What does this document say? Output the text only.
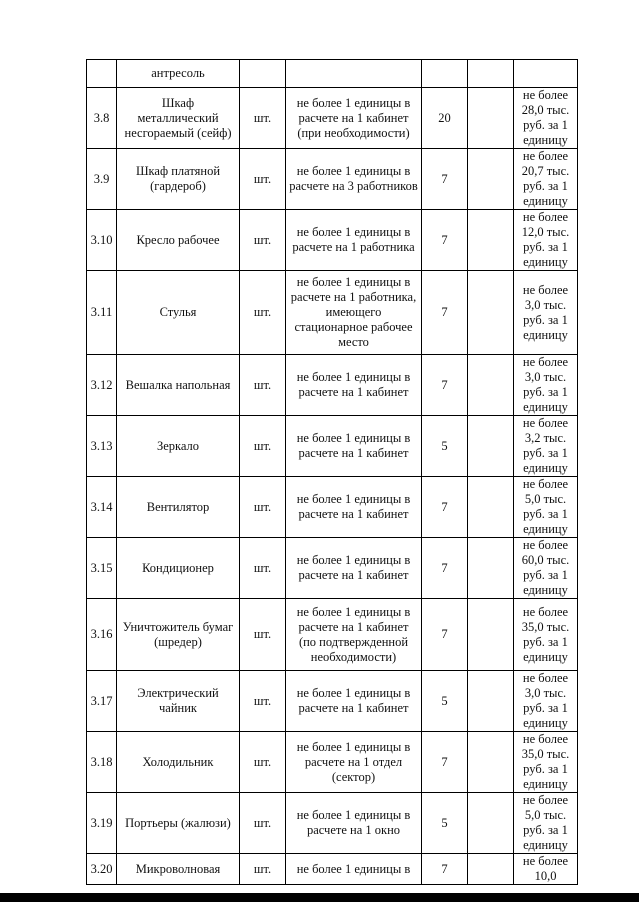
	антресоль					
3.8	Шкаф металлический несгораемый (сейф)	шт.	не более 1 единицы в расчете на 1 кабинет (при необходимости)	20		не более 28,0 тыс. руб. за 1 единицу
3.9	Шкаф платяной (гардероб)	шт.	не более 1 единицы в расчете на 3 работников	7		не более 20,7 тыс. руб. за 1 единицу
3.10	Кресло рабочее	шт.	не более 1 единицы в расчете на 1 работника	7		не более 12,0 тыс. руб. за 1 единицу
3.11	Стулья	шт.	не более 1 единицы в расчете на 1 работника, имеющего стационарное рабочее место	7		не более 3,0 тыс. руб. за 1 единицу
3.12	Вешалка напольная	шт.	не более 1 единицы в расчете на 1 кабинет	7		не более 3,0 тыс. руб. за 1 единицу
3.13	Зеркало	шт.	не более 1 единицы в расчете на 1 кабинет	5		не более 3,2 тыс. руб. за 1 единицу
3.14	Вентилятор	шт.	не более 1 единицы в расчете на 1 кабинет	7		не более 5,0 тыс. руб. за 1 единицу
3.15	Кондиционер	шт.	не более 1 единицы в расчете на 1 кабинет	7		не более 60,0 тыс. руб. за 1 единицу
3.16	Уничтожитель бумаг (шредер)	шт.	не более 1 единицы в расчете на 1 кабинет (по подтвержденной необходимости)	7		не более 35,0 тыс. руб. за 1 единицу
3.17	Электрический чайник	шт.	не более 1 единицы в расчете на 1 кабинет	5		не более 3,0 тыс. руб. за 1 единицу
3.18	Холодильник	шт.	не более 1 единицы в расчете на 1 отдел (сектор)	7		не более 35,0 тыс. руб. за 1 единицу
3.19	Портьеры (жалюзи)	шт.	не более 1 единицы в расчете на 1 окно	5		не более 5,0 тыс. руб. за 1 единицу
3.20	Микроволновая	шт.	не более 1 единицы в	7		не более 10,0
